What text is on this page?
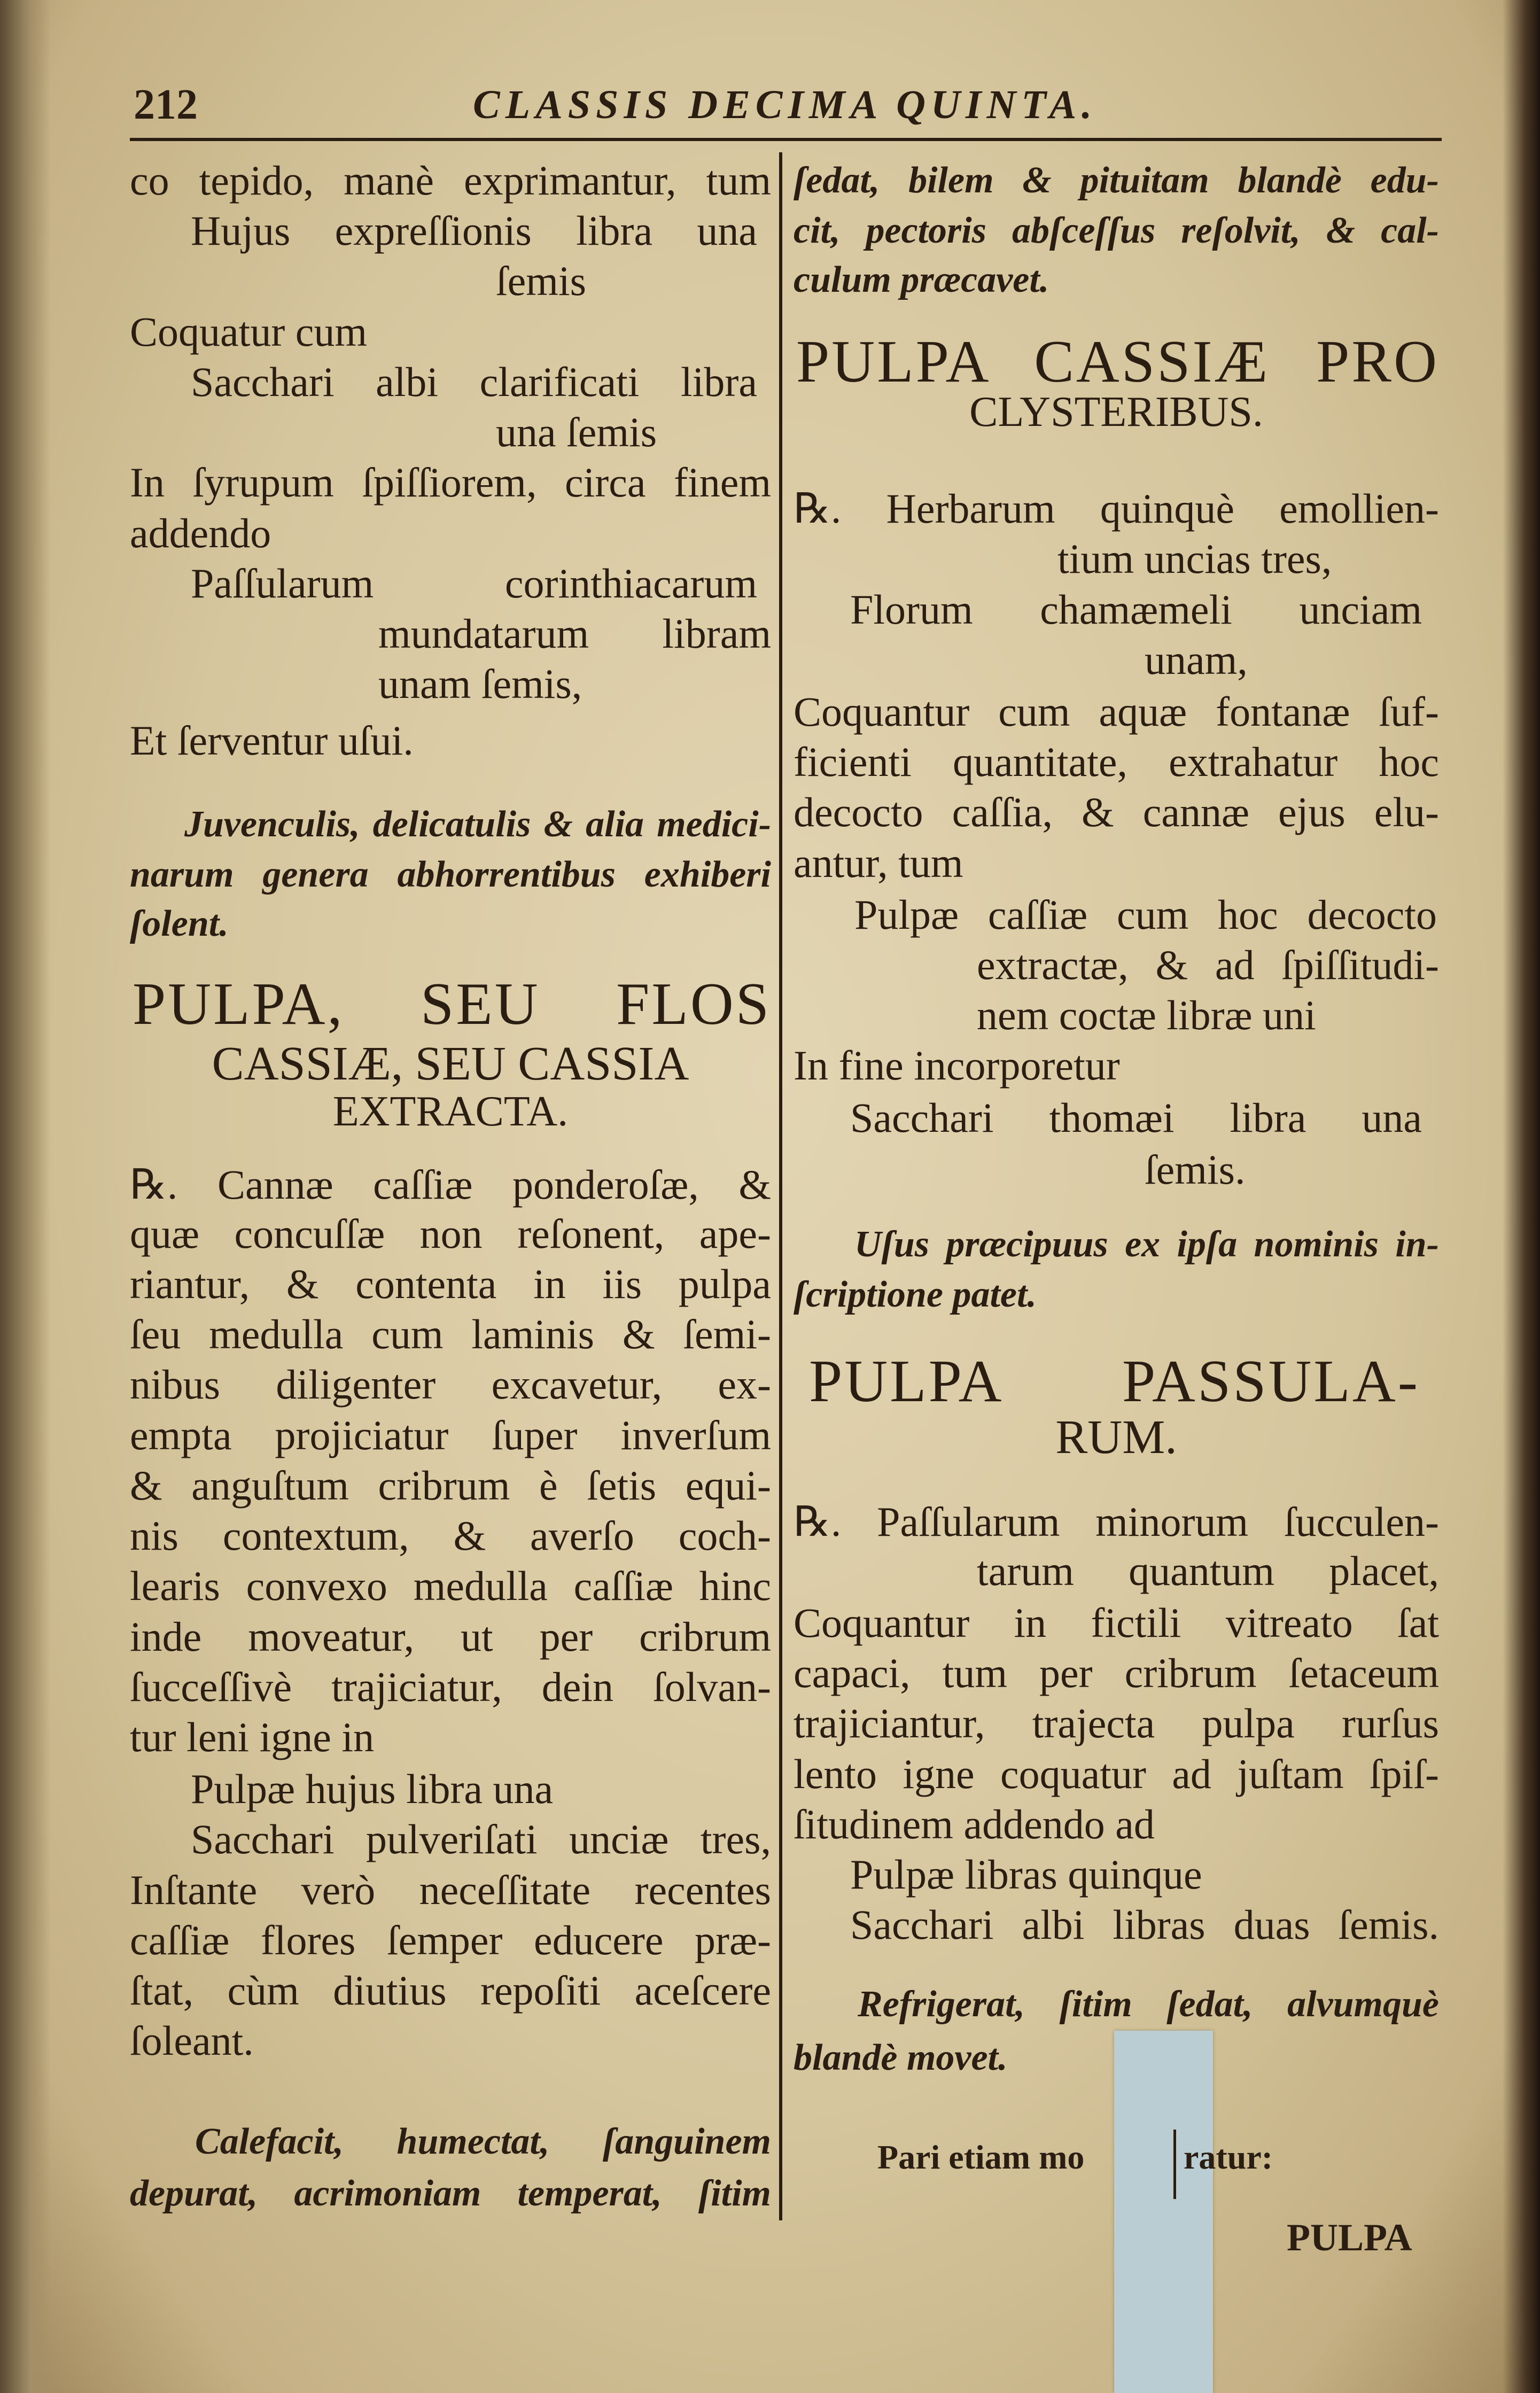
212	CLASSIS DECIMA QUINTA.
co tepido, manè exprimantur, tum
Hujus expreſſionis libra una
ſemis
Coquatur cum
Sacchari albi clarificati libra
una ſemis
In ſyrupum ſpiſſiorem, circa finem
addendo
Paſſularum corinthiacarum
mundatarum libram
unam ſemis,
Et ſerventur uſui.
Juvenculis, delicatulis & alia medici-
narum genera abhorrentibus exhiberi
ſolent.
PULPA, SEU FLOS
CASSIÆ, SEU CASSIA
EXTRACTA.
℞. Cannæ caſſiæ ponderoſæ, &
quæ concuſſæ non reſonent, ape-
riantur, & contenta in iis pulpa
ſeu medulla cum laminis & ſemi-
nibus diligenter excavetur, ex-
empta projiciatur ſuper inverſum
& anguſtum cribrum è ſetis equi-
nis contextum, & averſo coch-
learis convexo medulla caſſiæ hinc
inde moveatur, ut per cribrum
ſucceſſivè trajiciatur, dein ſolvan-
tur leni igne in
Pulpæ hujus libra una
Sacchari pulveriſati unciæ tres,
Inſtante verò neceſſitate recentes
caſſiæ flores ſemper educere præ-
ſtat, cùm diutius repoſiti aceſcere
ſoleant.
Calefacit, humectat, ſanguinem
depurat, acrimoniam temperat, ſitim
ſedat, bilem & pituitam blandè edu-
cit, pectoris abſceſſus reſolvit, & cal-
culum præcavet.
PULPA CASSIÆ PRO
CLYSTERIBUS.
℞. Herbarum quinquè emollien-
tium uncias tres,
Florum chamæmeli unciam
unam,
Coquantur cum aquæ fontanæ ſuf-
ficienti quantitate, extrahatur hoc
decocto caſſia, & cannæ ejus elu-
antur, tum
Pulpæ caſſiæ cum hoc decocto
extractæ, & ad ſpiſſitudi-
nem coctæ libræ uni
In fine incorporetur
Sacchari thomæi libra una
ſemis.
Uſus præcipuus ex ipſa nominis in-
ſcriptione patet.
PULPA PASSULA-
RUM.
℞. Paſſularum minorum ſucculen-
tarum quantum placet,
Coquantur in fictili vitreato ſat
capaci, tum per cribrum ſetaceum
trajiciantur, trajecta pulpa rurſus
lento igne coquatur ad juſtam ſpiſ-
ſitudinem addendo ad
Pulpæ libras quinque
Sacchari albi libras duas ſemis.
Refrigerat, ſitim ſedat, alvumquè
blandè movet.
Pari etiam mo	ratur:
PULPA
